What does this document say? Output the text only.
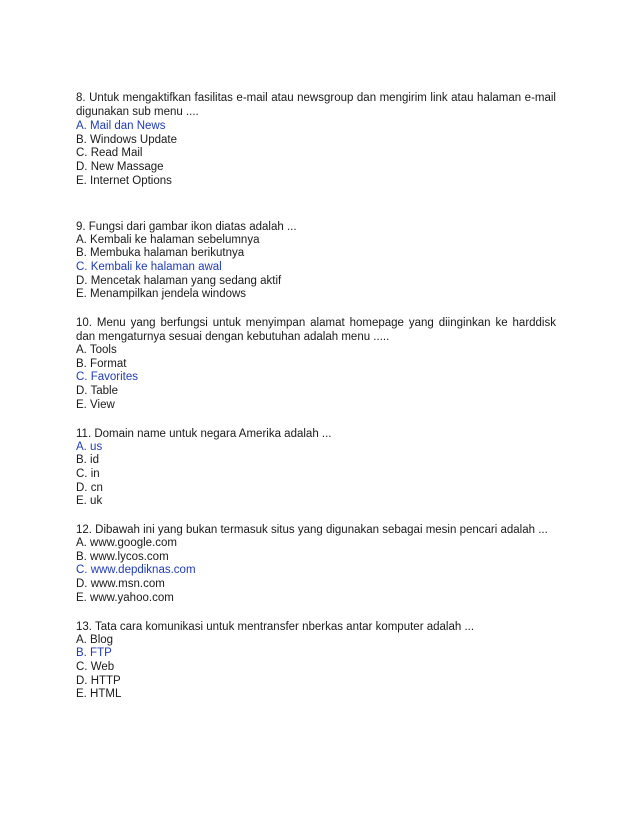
8. Untuk mengaktifkan fasilitas e-mail atau newsgroup dan mengirim link atau halaman e-mail digunakan sub menu ....

A. Mail dan News

B. Windows Update

C. Read Mail

D. New Massage

E. Internet Options

9. Fungsi dari gambar ikon diatas adalah ...

A. Kembali ke halaman sebelumnya

B. Membuka halaman berikutnya

C. Kembali ke halaman awal

D. Mencetak halaman yang sedang aktif

E. Menampilkan jendela windows

10. Menu yang berfungsi untuk menyimpan alamat homepage yang diinginkan ke harddisk dan mengaturnya sesuai dengan kebutuhan adalah menu .....

A. Tools

B. Format

C. Favorites

D. Table

E. View

11. Domain name untuk negara Amerika adalah ...

A. us

B. id

C. in

D. cn

E. uk

12. Dibawah ini yang bukan termasuk situs yang digunakan sebagai mesin pencari adalah ...

A. www.google.com

B. www.lycos.com

C. www.depdiknas.com

D. www.msn.com

E. www.yahoo.com

13. Tata cara komunikasi untuk mentransfer nberkas antar komputer adalah ...

A. Blog

B. FTP

C. Web

D. HTTP

E. HTML
